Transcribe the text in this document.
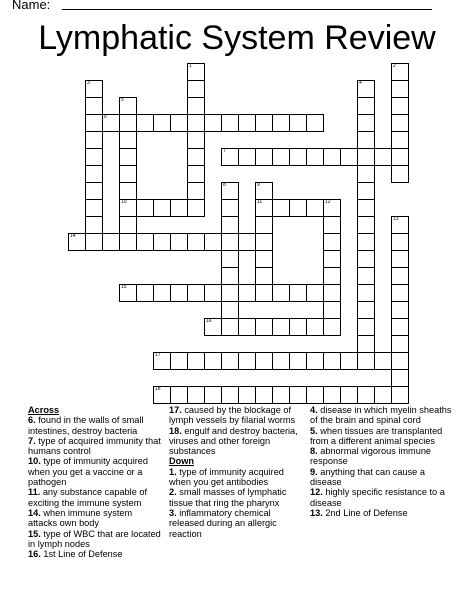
Name:
Lymphatic System Review
1	2
3	4
5
10
6
7
8	9
11	12
13
14
15
16
17
18
Across
6. found in the walls of small intestines, destroy bacteria
7. type of acquired immunity that humans control
10. type of immunity acquired when you get a vaccine or a pathogen
11. any substance capable of exciting the immune system
14. when immune system attacks own body
15. type of WBC that are located in lymph nodes
16. 1st Line of Defense
17. caused by the blockage of lymph vessels by filarial worms
18. engulf and destroy bacteria, viruses and other foreign substances
Down
1. type of immunity acquired when you get antibodies
2. small masses of lymphatic tissue that ring the pharynx
3. inflammatory chemical released during an allergic reaction
4. disease in which myelin sheaths of the brain and spinal cord
5. when tissues are transplanted from a different animal species
8. abnormal vigorous immune response
9. anything that can cause a disease
12. highly specific resistance to a disease
13. 2nd Line of Defense
